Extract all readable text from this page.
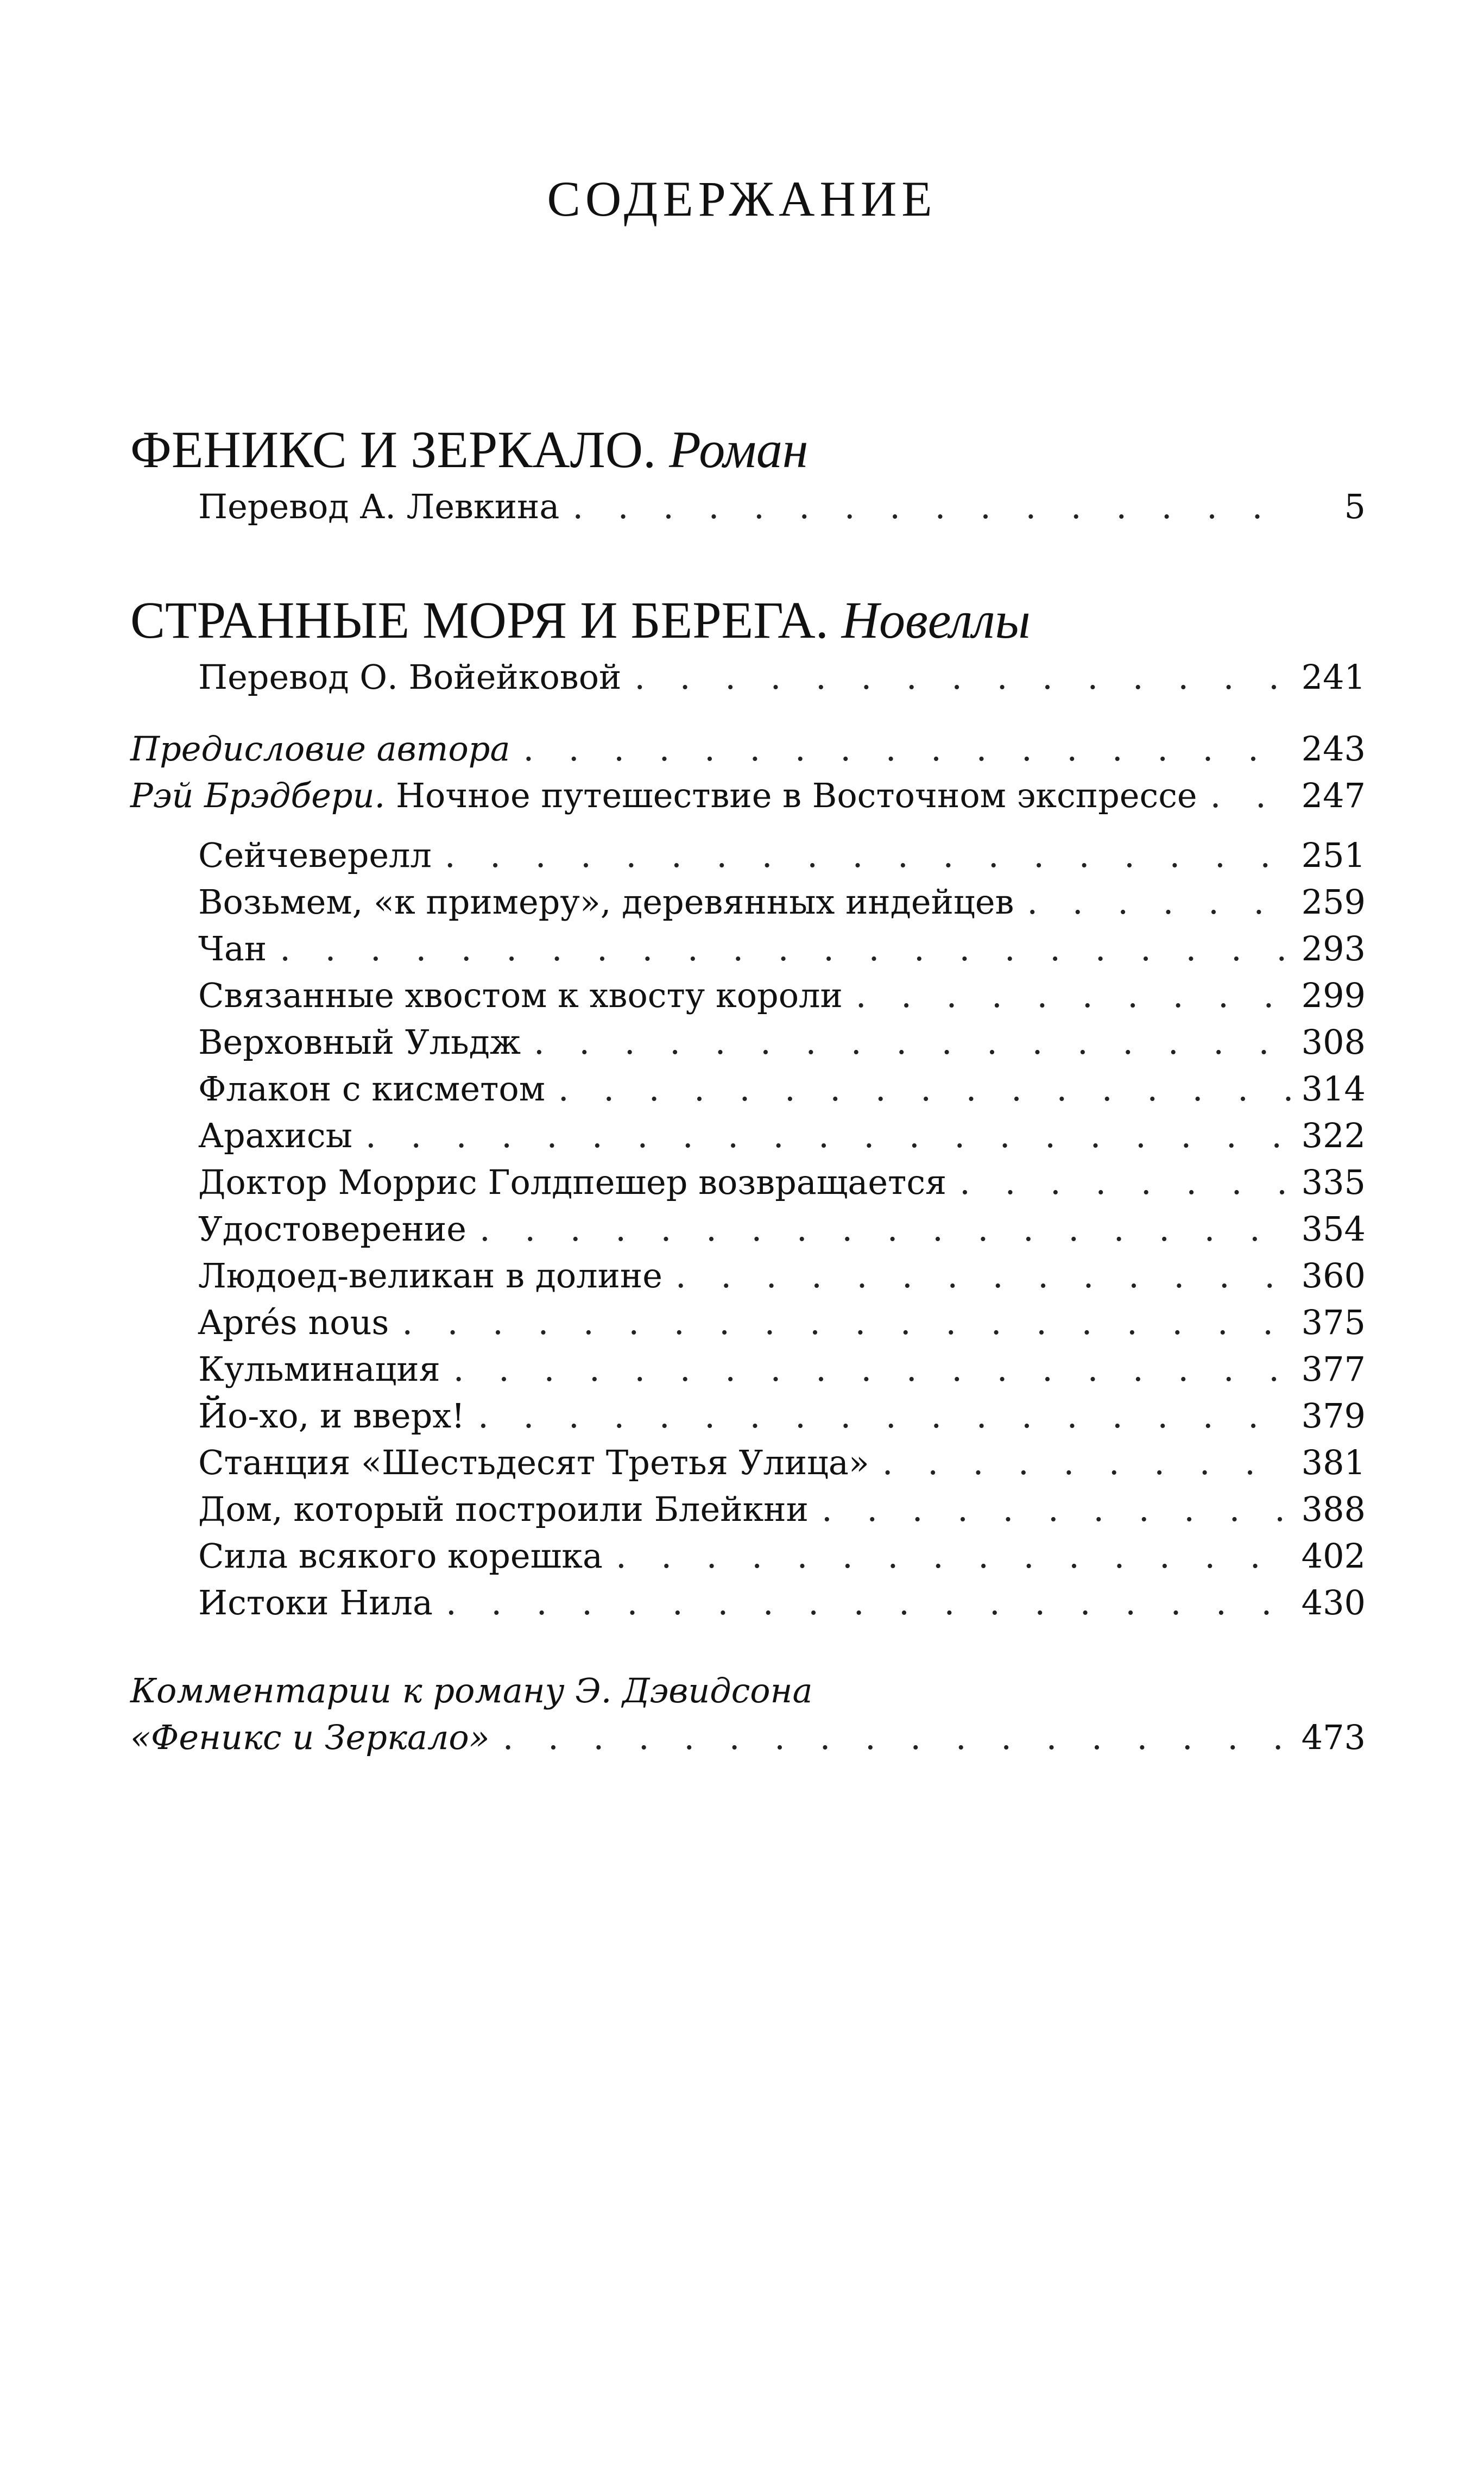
СОДЕРЖАНИЕ
ФЕНИКС И ЗЕРКАЛО. Роман
Перевод А. Левкина . . .	5
СТРАННЫЕ МОРЯ И БЕРЕГА. Новеллы
Перевод О. Войейковой . . .	241
Предисловие автора . . .	243
Рэй Брэдбери. Ночное путешествие в Восточном экспрессе . . .	247
Сейчеверелл . . .	251
Возьмем, «к примеру», деревянных индейцев . . .	259
Чан . . .	293
Связанные хвостом к хвосту короли . . .	299
Верховный Ульдж . . .	308
Флакон с кисметом . . .	314
Арахисы . . .	322
Доктор Моррис Голдпешер возвращается . . .	335
Удостоверение . . .	354
Людоед-великан в долине . . .	360
Aprés nous . . .	375
Кульминация . . .	377
Йо-хо, и вверх! . . .	379
Станция «Шестьдесят Третья Улица» . . .	381
Дом, который построили Блейкни . . .	388
Сила всякого корешка . . .	402
Истоки Нила . . .	430
Комментарии к роману Э. Дэвидсона
«Феникс и Зеркало» . . .	473
